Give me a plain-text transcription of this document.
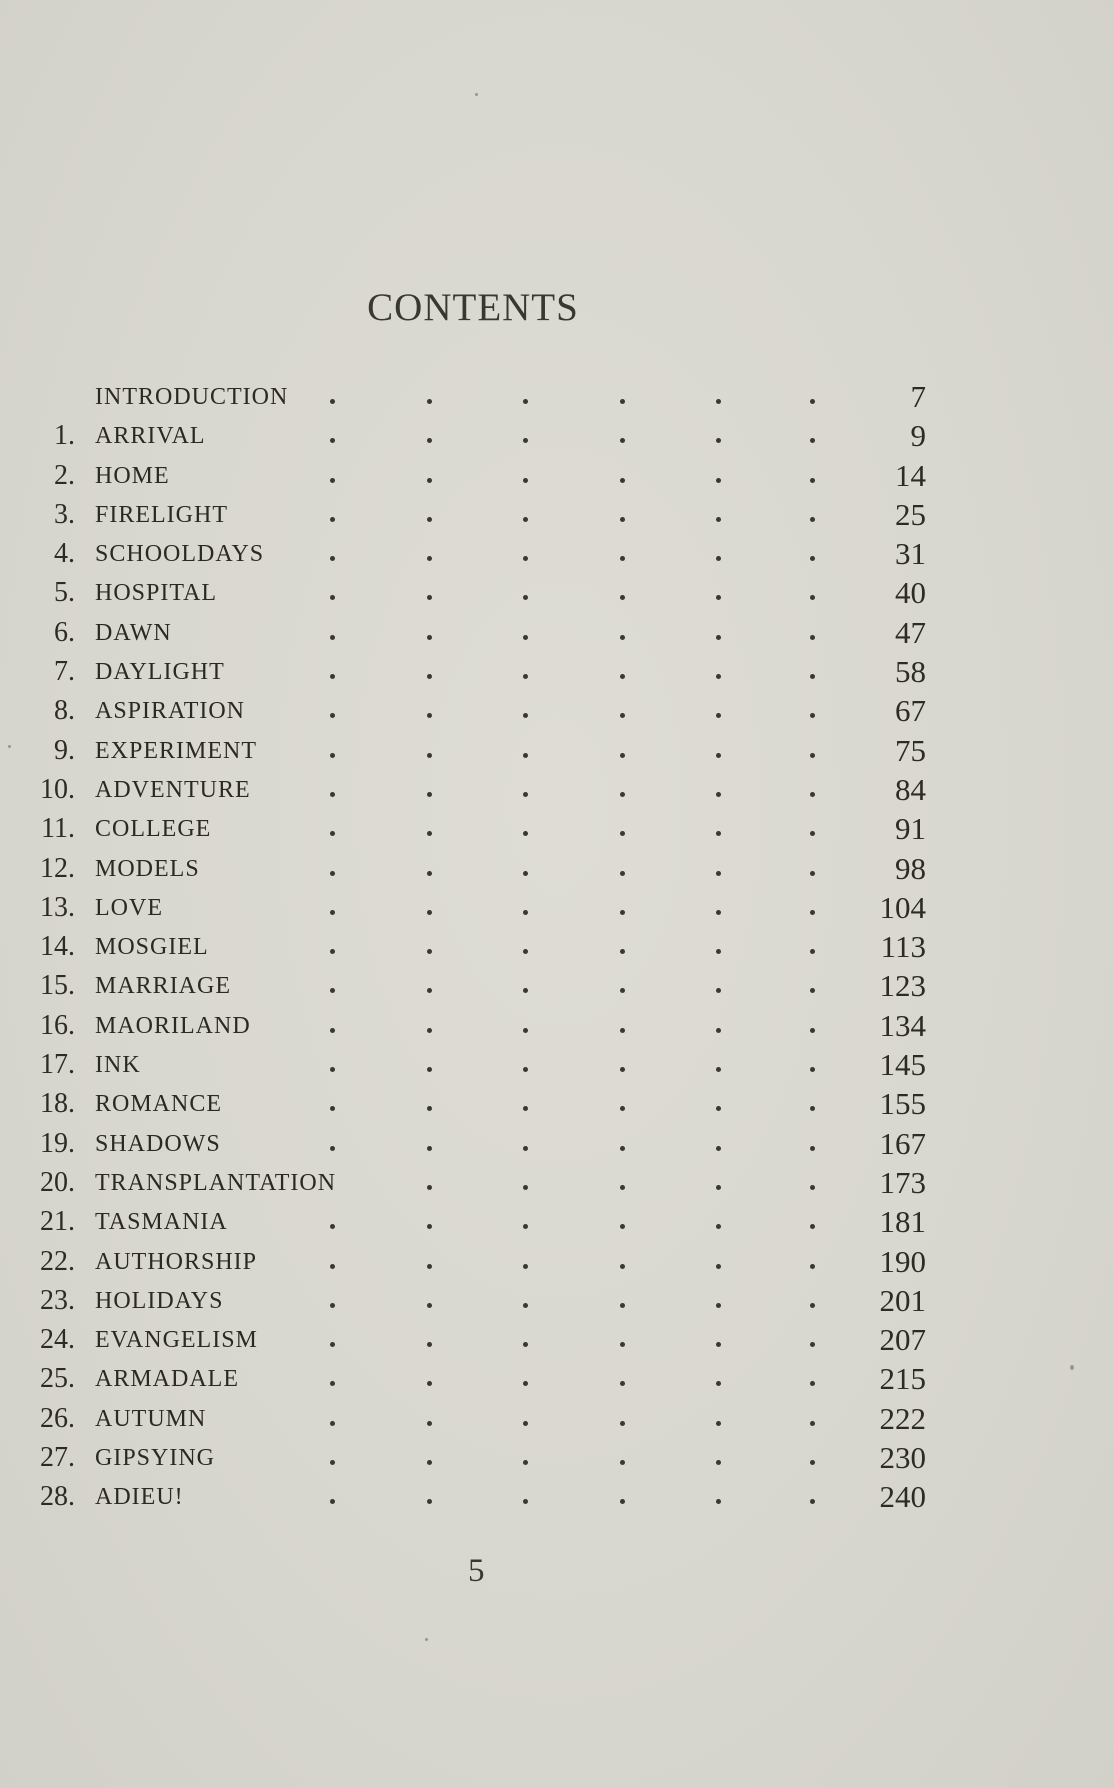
CONTENTS
INTRODUCTION	7
1. ARRIVAL	9
2. HOME	14
3. FIRELIGHT	25
4. SCHOOLDAYS	31
5. HOSPITAL	40
6. DAWN	47
7. DAYLIGHT	58
8. ASPIRATION	67
9. EXPERIMENT	75
10. ADVENTURE	84
11. COLLEGE	91
12. MODELS	98
13. LOVE	104
14. MOSGIEL	113
15. MARRIAGE	123
16. MAORILAND	134
17. INK	145
18. ROMANCE	155
19. SHADOWS	167
20. TRANSPLANTATION	173
21. TASMANIA	181
22. AUTHORSHIP	190
23. HOLIDAYS	201
24. EVANGELISM	207
25. ARMADALE	215
26. AUTUMN	222
27. GIPSYING	230
28. ADIEU!	240
5
